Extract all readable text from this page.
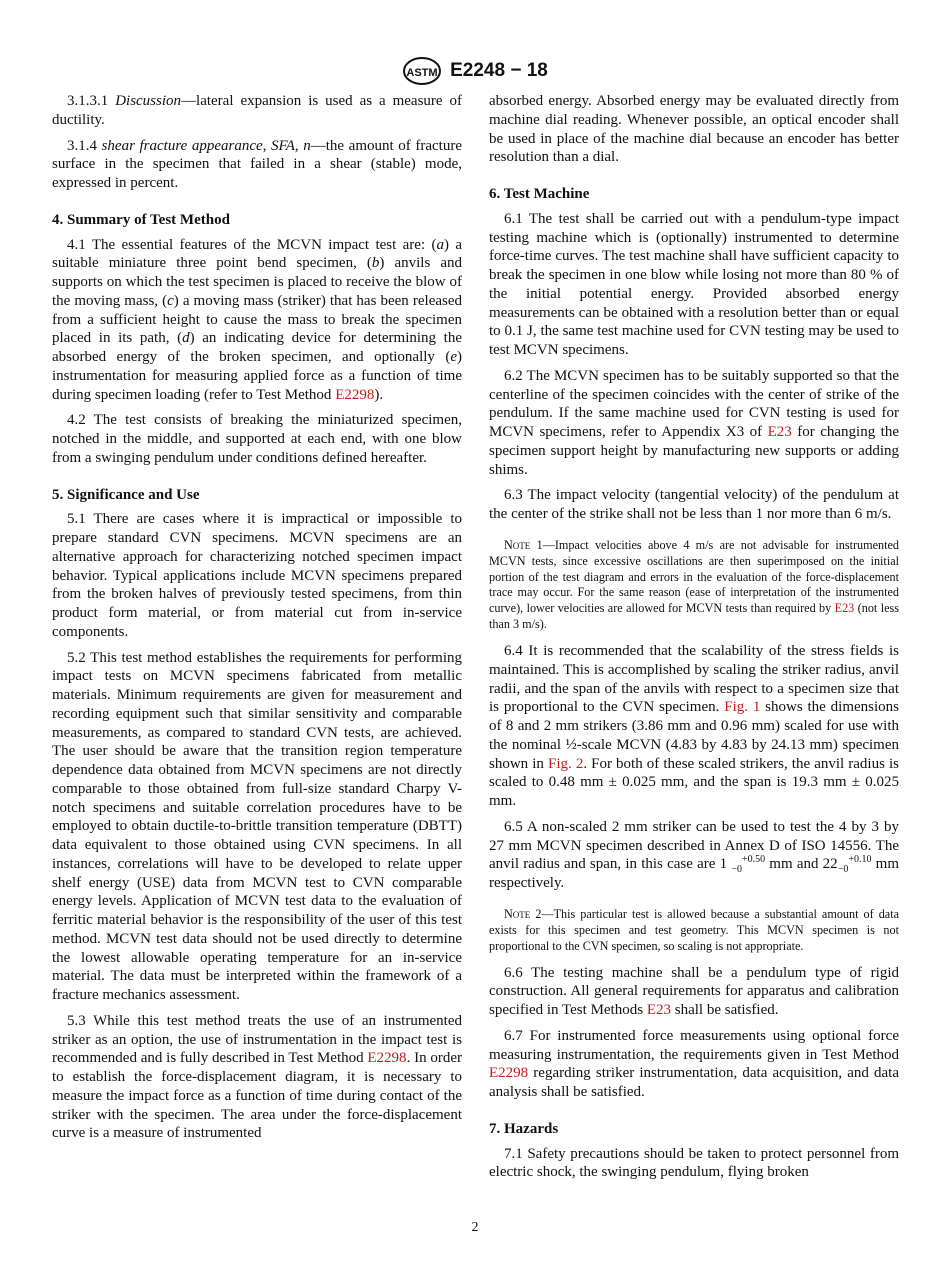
ASTM E2248 − 18

3.1.3.1 Discussion—lateral expansion is used as a measure of ductility.

3.1.4 shear fracture appearance, SFA, n—the amount of fracture surface in the specimen that failed in a shear (stable) mode, expressed in percent.

4. Summary of Test Method

4.1 The essential features of the MCVN impact test are: (a) a suitable miniature three point bend specimen, (b) anvils and supports on which the test specimen is placed to receive the blow of the moving mass, (c) a moving mass (striker) that has been released from a sufficient height to cause the mass to break the specimen placed in its path, (d) an indicating device for determining the absorbed energy of the broken specimen, and optionally (e) instrumentation for measuring applied force as a function of time during specimen loading (refer to Test Method E2298).

4.2 The test consists of breaking the miniaturized specimen, notched in the middle, and supported at each end, with one blow from a swinging pendulum under conditions defined hereafter.

5. Significance and Use

5.1 There are cases where it is impractical or impossible to prepare standard CVN specimens. MCVN specimens are an alternative approach for characterizing notched specimen impact behavior. Typical applications include MCVN specimens prepared from the broken halves of previously tested specimens, from thin product form material, or from material cut from in-service components.

5.2 This test method establishes the requirements for performing impact tests on MCVN specimens fabricated from metallic materials. Minimum requirements are given for measurement and recording equipment such that similar sensitivity and comparable measurements, as compared to standard CVN tests, are achieved. The user should be aware that the transition region temperature dependence data obtained from MCVN specimens are not directly comparable to those obtained from full-size standard Charpy V-notch specimens and suitable correlation procedures have to be employed to obtain ductile-to-brittle transition temperature (DBTT) data equivalent to those obtained using CVN specimens. In all instances, correlations will have to be developed to relate upper shelf energy (USE) data from MCVN test to CVN comparable energy levels. Application of MCVN test data to the evaluation of ferritic material behavior is the responsibility of the user of this test method. MCVN test data should not be used directly to determine the lowest allowable operating temperature for an in-service material. The data must be interpreted within the framework of a fracture mechanics assessment.

5.3 While this test method treats the use of an instrumented striker as an option, the use of instrumentation in the impact test is recommended and is fully described in Test Method E2298. In order to establish the force-displacement diagram, it is necessary to measure the impact force as a function of time during contact of the striker with the specimen. The area under the force-displacement curve is a measure of instrumented

absorbed energy. Absorbed energy may be evaluated directly from machine dial reading. Whenever possible, an optical encoder shall be used in place of the machine dial because an encoder has better resolution than a dial.

6. Test Machine

6.1 The test shall be carried out with a pendulum-type impact testing machine which is (optionally) instrumented to determine force-time curves. The test machine shall have sufficient capacity to break the specimen in one blow while losing not more than 80 % of the initial potential energy. Provided absorbed energy measurements can be obtained with a resolution better than or equal to 0.1 J, the same test machine used for CVN testing may be used to test MCVN specimens.

6.2 The MCVN specimen has to be suitably supported so that the centerline of the specimen coincides with the center of strike of the pendulum. If the same machine used for CVN testing is used for MCVN specimens, refer to Appendix X3 of E23 for changing the specimen support height by manufacturing new supports or adding shims.

6.3 The impact velocity (tangential velocity) of the pendulum at the center of the strike shall not be less than 1 nor more than 6 m/s.

Note 1—Impact velocities above 4 m/s are not advisable for instrumented MCVN tests, since excessive oscillations are then superimposed on the initial portion of the test diagram and errors in the evaluation of the force-displacement trace may occur. For the same reason (ease of interpretation of the instrumented curve), lower velocities are allowed for MCVN tests than required by E23 (not less than 3 m/s).

6.4 It is recommended that the scalability of the stress fields is maintained. This is accomplished by scaling the striker radius, anvil radii, and the span of the anvils with respect to a specimen size that is proportional to the CVN specimen. Fig. 1 shows the dimensions of 8 and 2 mm strikers (3.86 mm and 0.96 mm) scaled for use with the nominal ½-scale MCVN (4.83 by 4.83 by 24.13 mm) specimen shown in Fig. 2. For both of these scaled strikers, the anvil radius is scaled to 0.48 mm ± 0.025 mm, and the span is 19.3 mm ± 0.025 mm.

6.5 A non-scaled 2 mm striker can be used to test the 4 by 3 by 27 mm MCVN specimen described in Annex D of ISO 14556. The anvil radius and span, in this case are 1 $_{-0}^{+0.50}$ mm and $22_{-0}^{+0.10}$ mm respectively.

Note 2—This particular test is allowed because a substantial amount of data exists for this specimen and test geometry. This MCVN specimen is not proportional to the CVN specimen, so scaling is not appropriate.

6.6 The testing machine shall be a pendulum type of rigid construction. All general requirements for apparatus and calibration specified in Test Methods E23 shall be satisfied.

6.7 For instrumented force measurements using optional force measuring instrumentation, the requirements given in Test Method E2298 regarding striker instrumentation, data acquisition, and data analysis shall be satisfied.

7. Hazards

7.1 Safety precautions should be taken to protect personnel from electric shock, the swinging pendulum, flying broken

2
